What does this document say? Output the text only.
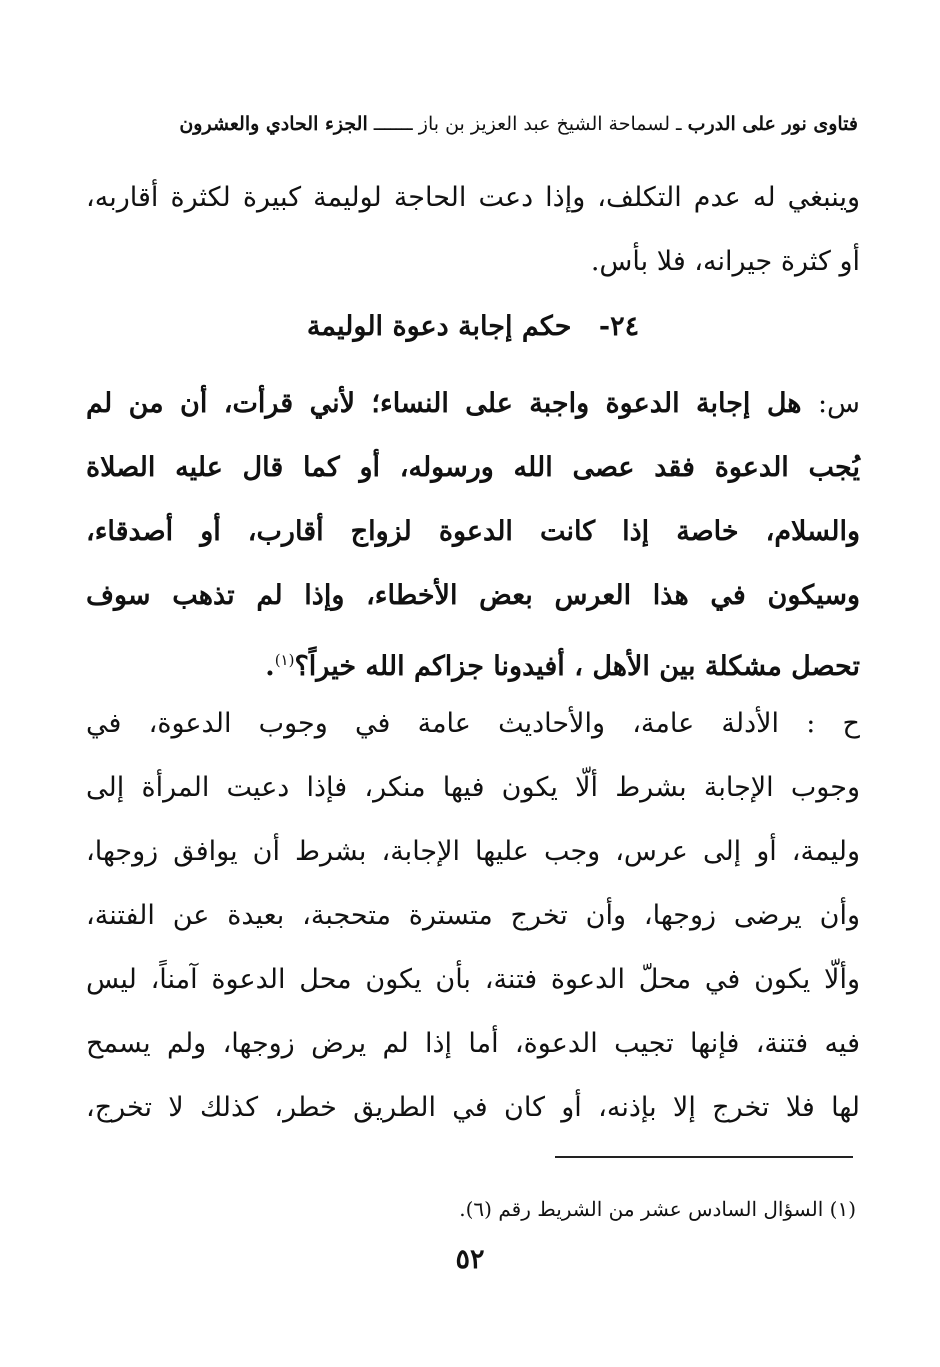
فتاوى نور على الدرب ـ لسماحة الشيخ عبد العزيز بن باز ـــــــ الجزء الحادي والعشرون
وينبغي له عدم التكلف، وإذا دعت الحاجة لوليمة كبيرة لكثرة أقاربه،
أو كثرة جيرانه، فلا بأس.
٢٤- حكم إجابة دعوة الوليمة
س: هل إجابة الدعوة واجبة على النساء؛ لأني قرأت، أن من لم
يُجب الدعوة فقد عصى الله ورسوله، أو كما قال عليه الصلاة
والسلام، خاصة إذا كانت الدعوة لزواج أقارب، أو أصدقاء،
وسيكون في هذا العرس بعض الأخطاء، وإذا لم تذهب سوف
تحصل مشكلة بين الأهل ، أفيدونا جزاكم الله خيراً؟$^{(١)}$.
ح : الأدلة عامة، والأحاديث عامة في وجوب الدعوة، في
وجوب الإجابة بشرط ألّا يكون فيها منكر، فإذا دعيت المرأة إلى
وليمة، أو إلى عرس، وجب عليها الإجابة، بشرط أن يوافق زوجها،
وأن يرضى زوجها، وأن تخرج متسترة متحجبة، بعيدة عن الفتنة،
وألّا يكون في محلّ الدعوة فتنة، بأن يكون محل الدعوة آمناً، ليس
فيه فتنة، فإنها تجيب الدعوة، أما إذا لم يرض زوجها، ولم يسمح
لها فلا تخرج إلا بإذنه، أو كان في الطريق خطر، كذلك لا تخرج،
(١) السؤال السادس عشر من الشريط رقم (٦).
٥٢
